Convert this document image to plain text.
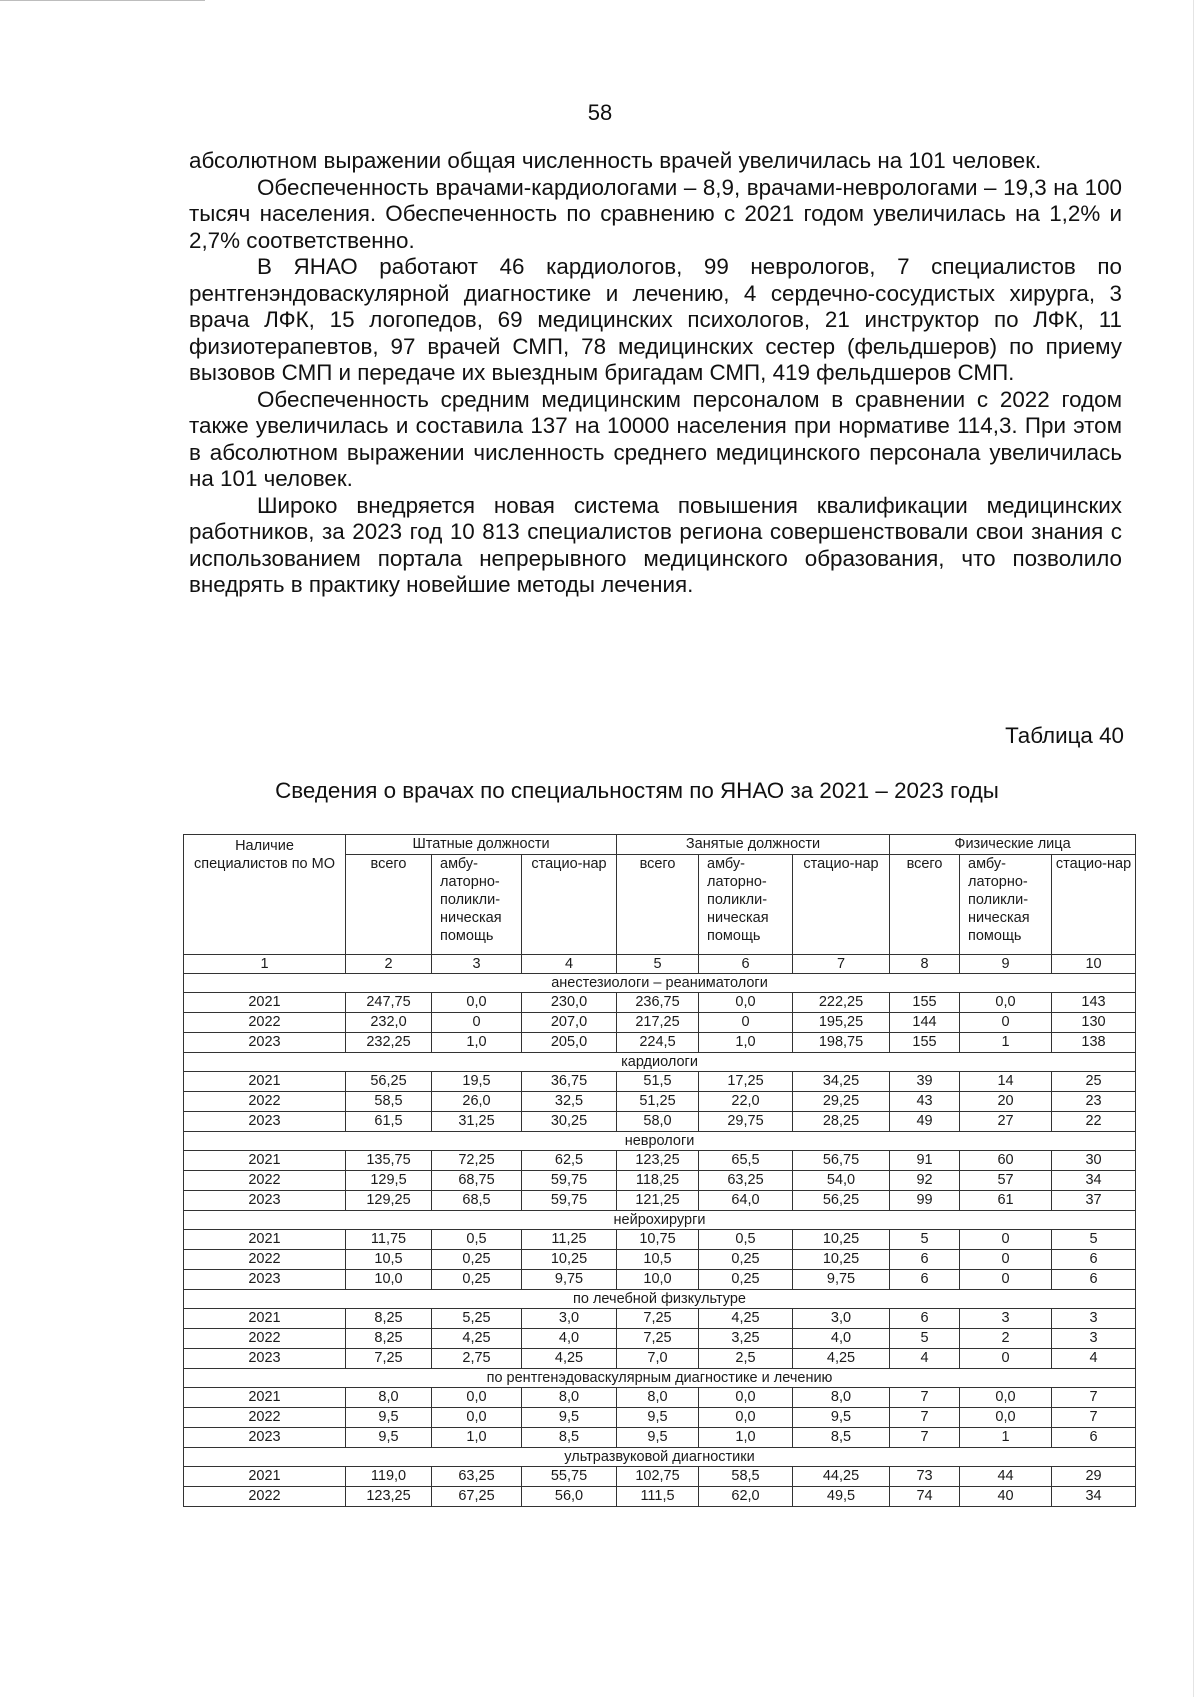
58

абсолютном выражении общая численность врачей увеличилась на 101 человек.

Обеспеченность врачами-кардиологами – 8,9, врачами-неврологами – 19,3 на 100 тысяч населения. Обеспеченность по сравнению с 2021 годом увеличилась на 1,2% и 2,7% соответственно.

В ЯНАО работают 46 кардиологов, 99 неврологов, 7 специалистов по рентгенэндоваскулярной диагностике и лечению, 4 сердечно-сосудистых хирурга, 3 врача ЛФК, 15 логопедов, 69 медицинских психологов, 21 инструктор по ЛФК, 11 физиотерапевтов, 97 врачей СМП, 78 медицинских сестер (фельдшеров) по приему вызовов СМП и передаче их выездным бригадам СМП, 419 фельдшеров СМП.

Обеспеченность средним медицинским персоналом в сравнении с 2022 годом также увеличилась и составила 137 на 10000 населения при нормативе 114,3. При этом в абсолютном выражении численность среднего медицинского персонала увеличилась на 101 человек.

Широко внедряется новая система повышения квалификации медицинских работников, за 2023 год 10 813 специалистов региона совершенствовали свои знания с использованием портала непрерывного медицинского образования, что позволило внедрять в практику новейшие методы лечения.

Таблица 40
Сведения о врачах по специальностям по ЯНАО за 2021 – 2023 годы
Наличие специалистов по МО	Штатные должности			Занятые должности			Физические лица		
	всего	амбу-латорно-поликли-ническая помощь	стацио-нар	всего	амбу-латорно-поликли-ническая помощь	стацио-нар	всего	амбу-латорно-поликли-ническая помощь	стацио-нар
1	2	3	4	5	6	7	8	9	10
анестезиологи – реаниматологи									
2021	247,75	0,0	230,0	236,75	0,0	222,25	155	0,0	143
2022	232,0	0	207,0	217,25	0	195,25	144	0	130
2023	232,25	1,0	205,0	224,5	1,0	198,75	155	1	138
кардиологи									
2021	56,25	19,5	36,75	51,5	17,25	34,25	39	14	25
2022	58,5	26,0	32,5	51,25	22,0	29,25	43	20	23
2023	61,5	31,25	30,25	58,0	29,75	28,25	49	27	22
неврологи									
2021	135,75	72,25	62,5	123,25	65,5	56,75	91	60	30
2022	129,5	68,75	59,75	118,25	63,25	54,0	92	57	34
2023	129,25	68,5	59,75	121,25	64,0	56,25	99	61	37
нейрохирурги									
2021	11,75	0,5	11,25	10,75	0,5	10,25	5	0	5
2022	10,5	0,25	10,25	10,5	0,25	10,25	6	0	6
2023	10,0	0,25	9,75	10,0	0,25	9,75	6	0	6
по лечебной физкультуре									
2021	8,25	5,25	3,0	7,25	4,25	3,0	6	3	3
2022	8,25	4,25	4,0	7,25	3,25	4,0	5	2	3
2023	7,25	2,75	4,25	7,0	2,5	4,25	4	0	4
по рентгенэдоваскулярным диагностике и лечению									
2021	8,0	0,0	8,0	8,0	0,0	8,0	7	0,0	7
2022	9,5	0,0	9,5	9,5	0,0	9,5	7	0,0	7
2023	9,5	1,0	8,5	9,5	1,0	8,5	7	1	6
ультразвуковой диагностики									
2021	119,0	63,25	55,75	102,75	58,5	44,25	73	44	29
2022	123,25	67,25	56,0	111,5	62,0	49,5	74	40	34
